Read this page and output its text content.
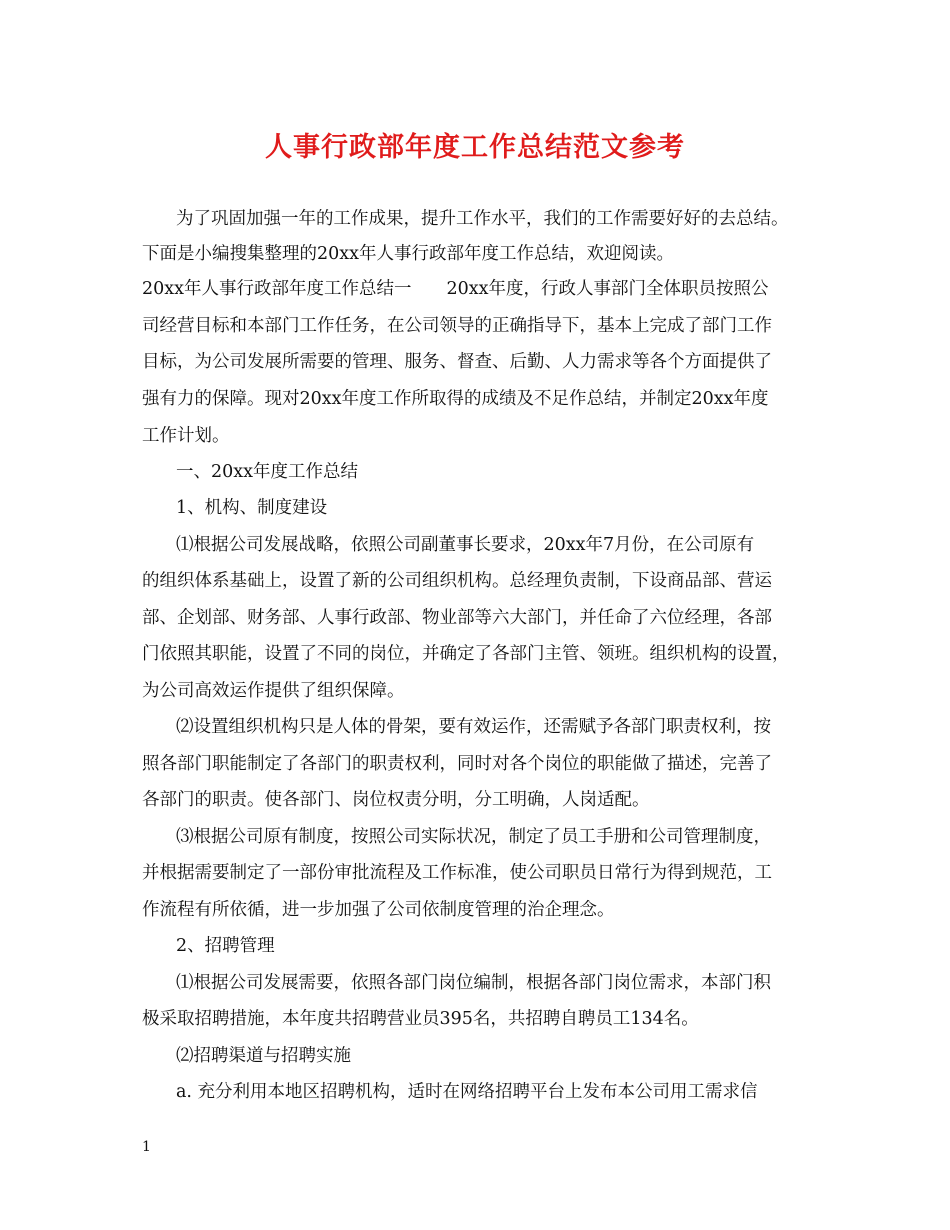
人事行政部年度工作总结范文参考

为了巩固加强一年的工作成果，提升工作水平，我们的工作需要好好的去总结。

下面是小编搜集整理的20xx年人事行政部年度工作总结，欢迎阅读。

20xx年人事行政部年度工作总结一　　20xx年度，行政人事部门全体职员按照公

司经营目标和本部门工作任务，在公司领导的正确指导下，基本上完成了部门工作

目标，为公司发展所需要的管理、服务、督查、后勤、人力需求等各个方面提供了

强有力的保障。现对20xx年度工作所取得的成绩及不足作总结，并制定20xx年度

工作计划。

一、20xx年度工作总结

1、机构、制度建设

⑴根据公司发展战略，依照公司副董事长要求，20xx年7月份，在公司原有

的组织体系基础上，设置了新的公司组织机构。总经理负责制，下设商品部、营运

部、企划部、财务部、人事行政部、物业部等六大部门，并任命了六位经理，各部

门依照其职能，设置了不同的岗位，并确定了各部门主管、领班。组织机构的设置，

为公司高效运作提供了组织保障。

⑵设置组织机构只是人体的骨架，要有效运作，还需赋予各部门职责权利，按

照各部门职能制定了各部门的职责权利，同时对各个岗位的职能做了描述，完善了

各部门的职责。使各部门、岗位权责分明，分工明确，人岗适配。

⑶根据公司原有制度，按照公司实际状况，制定了员工手册和公司管理制度，

并根据需要制定了一部份审批流程及工作标准，使公司职员日常行为得到规范，工

作流程有所依循，进一步加强了公司依制度管理的治企理念。

2、招聘管理

⑴根据公司发展需要，依照各部门岗位编制，根据各部门岗位需求，本部门积

极采取招聘措施，本年度共招聘营业员395名，共招聘自聘员工134名。

⑵招聘渠道与招聘实施

a. 充分利用本地区招聘机构，适时在网络招聘平台上发布本公司用工需求信

1
